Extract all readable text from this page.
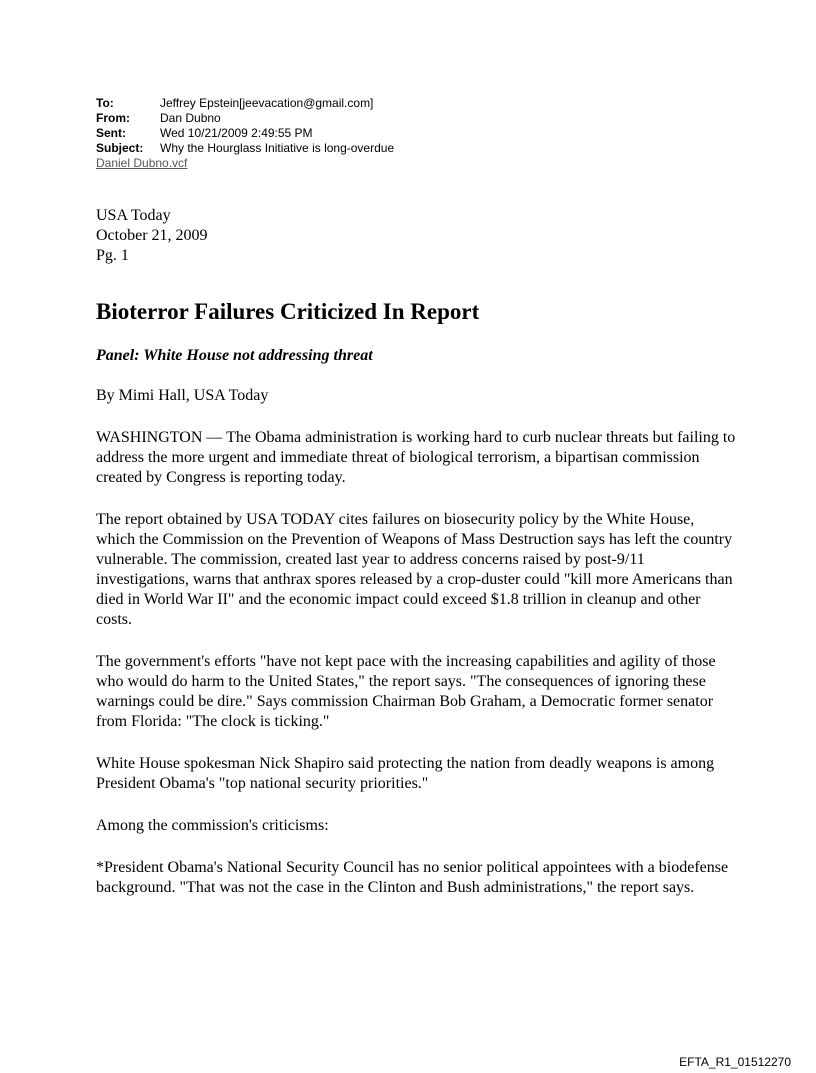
To:	Jeffrey Epstein[jeevacation@gmail.com]
From:	Dan Dubno
Sent:	Wed 10/21/2009 2:49:55 PM
Subject:	Why the Hourglass Initiative is long-overdue
Daniel Dubno.vcf
USA Today
October 21, 2009
Pg. 1
Bioterror Failures Criticized In Report
Panel: White House not addressing threat
By Mimi Hall, USA Today

WASHINGTON — The Obama administration is working hard to curb nuclear threats but failing to address the more urgent and immediate threat of biological terrorism, a bipartisan commission created by Congress is reporting today.

The report obtained by USA TODAY cites failures on biosecurity policy by the White House, which the Commission on the Prevention of Weapons of Mass Destruction says has left the country vulnerable. The commission, created last year to address concerns raised by post-9/11 investigations, warns that anthrax spores released by a crop-duster could "kill more Americans than died in World War II" and the economic impact could exceed $1.8 trillion in cleanup and other costs.

The government's efforts "have not kept pace with the increasing capabilities and agility of those who would do harm to the United States," the report says. "The consequences of ignoring these warnings could be dire." Says commission Chairman Bob Graham, a Democratic former senator from Florida: "The clock is ticking."

White House spokesman Nick Shapiro said protecting the nation from deadly weapons is among President Obama's "top national security priorities."

Among the commission's criticisms:

*President Obama's National Security Council has no senior political appointees with a biodefense background. "That was not the case in the Clinton and Bush administrations," the report says.

EFTA_R1_01512270
